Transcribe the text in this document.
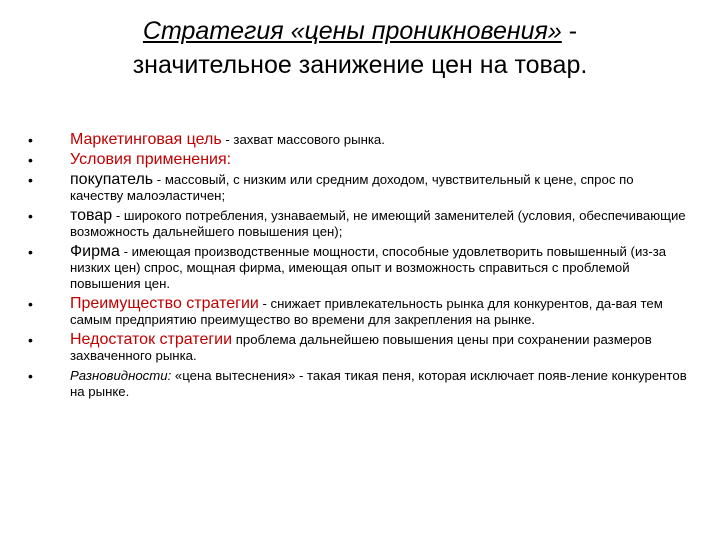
Стратегия «цены проникновения» -
значительное занижение цен на товар.
• Маркетинговая цель - захват массового рынка.
• Условия применения:
• покупатель - массовый, с низким или средним доходом, чувствительный к цене, спрос по качеству малоэластичен;
• товар - широкого потребления, узнаваемый, не имеющий заменителей (условия, обеспечивающие возможность дальнейшего повышения цен);
• Фирма - имеющая производственные мощности, способные удовлетворить повышенный (из-за низких цен) спрос, мощная фирма, имеющая опыт и возможность справиться с проблемой повышения цен.
• Преимущество стратегии - снижает привлекательность рынка для конкурентов, да-вая тем самым предприятию преимущество во времени для закрепления на рынке.
• Недостаток стратегии проблема дальнейшею повышения цены при сохранении размеров захваченного рынка.
•	Разновидности: «цена вытеснения» - такая тикая пеня, которая исключает появ-ление конкурентов на рынке.
